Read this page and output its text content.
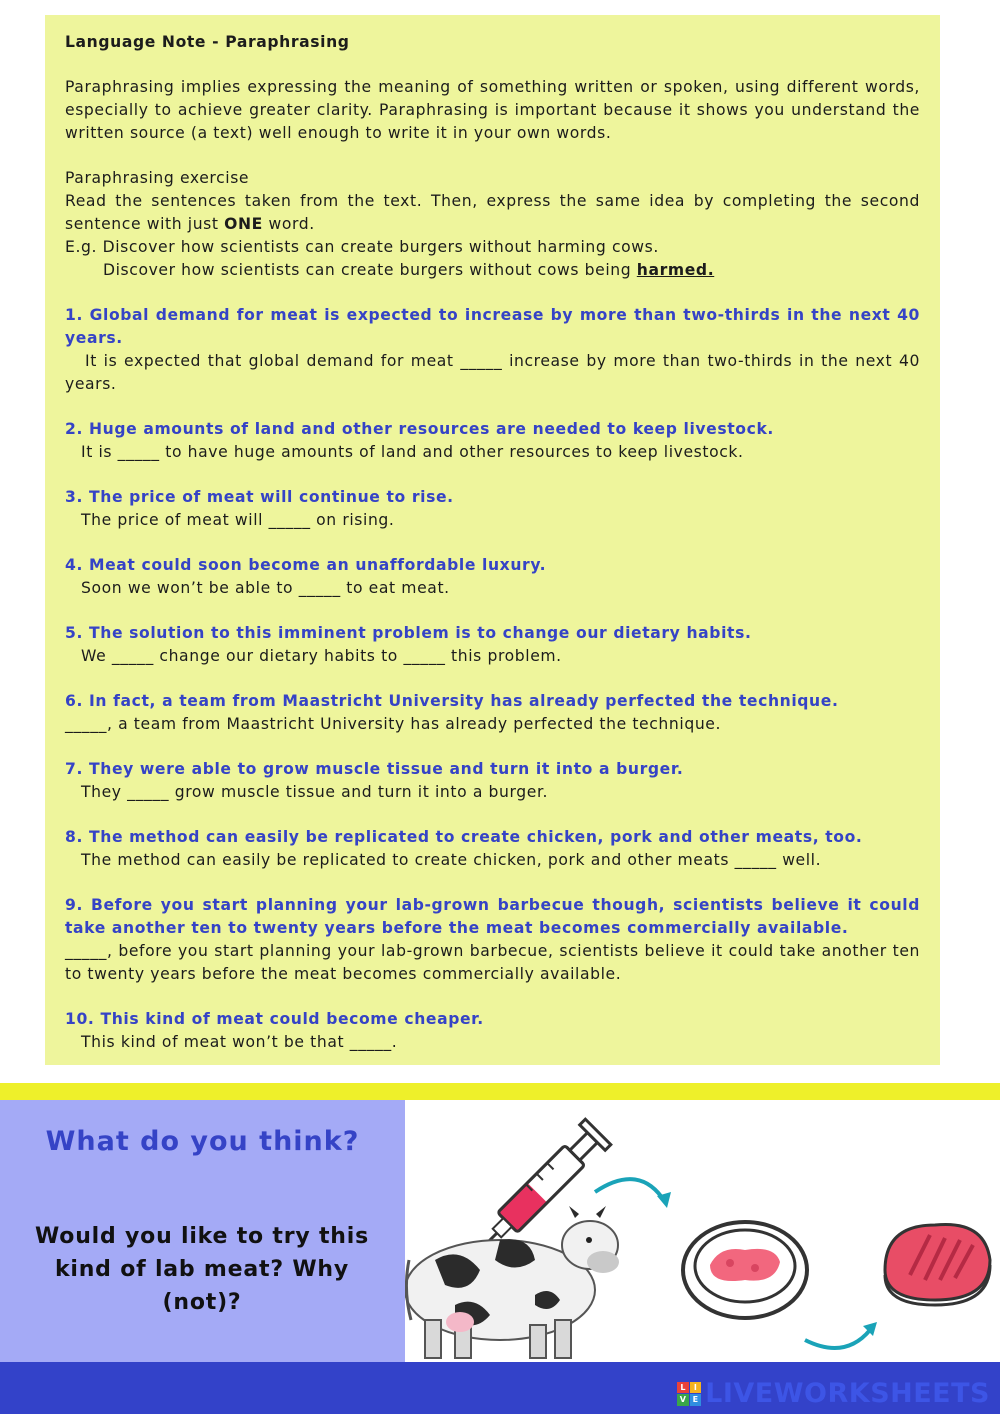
Language Note - Paraphrasing

Paraphrasing implies expressing the meaning of something written or spoken, using different words, especially to achieve greater clarity. Paraphrasing is important because it shows you understand the written source (a text) well enough to write it in your own words.

Paraphrasing exercise

Read the sentences taken from the text. Then, express the same idea by completing the second sentence with just ONE word.

E.g. Discover how scientists can create burgers without harming cows.

Discover how scientists can create burgers without cows being harmed.

1. Global demand for meat is expected to increase by more than two-thirds in the next 40 years.

It is expected that global demand for meat _____ increase by more than two-thirds in the next 40 years.

2. Huge amounts of land and other resources are needed to keep livestock.

It is _____ to have huge amounts of land and other resources to keep livestock.

3. The price of meat will continue to rise.

The price of meat will _____ on rising.

4. Meat could soon become an unaffordable luxury.

Soon we won’t be able to _____ to eat meat.

5. The solution to this imminent problem is to change our dietary habits.

We _____ change our dietary habits to _____ this problem.

6. In fact, a team from Maastricht University has already perfected the technique.

_____, a team from Maastricht University has already perfected the technique.

7. They were able to grow muscle tissue and turn it into a burger.

They _____ grow muscle tissue and turn it into a burger.

8. The method can easily be replicated to create chicken, pork and other meats, too.

The method can easily be replicated to create chicken, pork and other meats _____ well.

9. Before you start planning your lab-grown barbecue though, scientists believe it could take another ten to twenty years before the meat becomes commercially available.

_____, before you start planning your lab-grown barbecue, scientists believe it could take another ten to twenty years before the meat becomes commercially available.

10. This kind of meat could become cheaper.

This kind of meat won’t be that _____.

What do you think?
Would you like to try this kind of lab meat? Why (not)?
L	I
V E LIVEWORKSHEETS
